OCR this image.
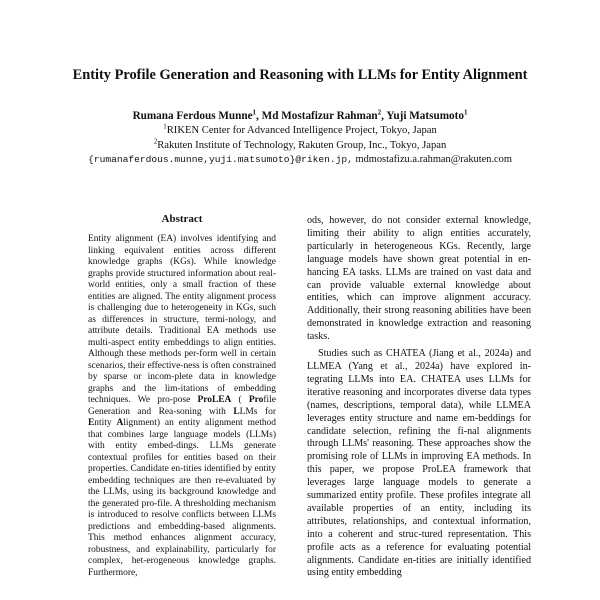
Entity Profile Generation and Reasoning with LLMs for Entity Alignment
Rumana Ferdous Munne$^1$, Md Mostafizur Rahman$^2$, Yuji Matsumoto$^1$
$^1$RIKEN Center for Advanced Intelligence Project, Tokyo, Japan
$^2$Rakuten Institute of Technology, Rakuten Group, Inc., Tokyo, Japan
{rumanaferdous.munne,yuji.matsumoto}@riken.jp, mdmostafizu.a.rahman@rakuten.com
Abstract

Entity alignment (EA) involves identifying and linking equivalent entities across different knowledge graphs (KGs). While knowledge graphs provide structured information about real-world entities, only a small fraction of these entities are aligned. The entity alignment process is challenging due to heterogeneity in KGs, such as differences in structure, termi-nology, and attribute details. Traditional EA methods use multi-aspect entity embeddings to align entities. Although these methods per-form well in certain scenarios, their effective-ness is often constrained by sparse or incom-plete data in knowledge graphs and the lim-itations of embedding techniques. We pro-pose ProLEA ( Profile Generation and Rea-soning with LLMs for Entity Alignment) an entity alignment method that combines large language models (LLMs) with entity embed-dings. LLMs generate contextual profiles for entities based on their properties. Candidate en-tities identified by entity embedding techniques are then re-evaluated by the LLMs, using its background knowledge and the generated pro-file. A thresholding mechanism is introduced to resolve conflicts between LLMs predictions and embedding-based alignments. This method enhances alignment accuracy, robustness, and explainability, particularly for complex, het-erogeneous knowledge graphs. Furthermore,

ods, however, do not consider external knowledge, limiting their ability to align entities accurately, particularly in heterogeneous KGs. Recently, large language models have shown great potential in en-hancing EA tasks. LLMs are trained on vast data and can provide valuable external knowledge about entities, which can improve alignment accuracy. Additionally, their strong reasoning abilities have been demonstrated in knowledge extraction and reasoning tasks.

Studies such as CHATEA (Jiang et al., 2024a) and LLMEA (Yang et al., 2024a) have explored in-tegrating LLMs into EA. CHATEA uses LLMs for iterative reasoning and incorporates diverse data types (names, descriptions, temporal data), while LLMEA leverages entity structure and name em-beddings for candidate selection, refining the fi-nal alignments through LLMs' reasoning. These approaches show the promising role of LLMs in improving EA methods. In this paper, we propose ProLEA framework that leverages large language models to generate a summarized entity profile. These profiles integrate all available properties of an entity, including its attributes, relationships, and contextual information, into a coherent and struc-tured representation. This profile acts as a reference for evaluating potential alignments. Candidate en-tities are initially identified using entity embedding
